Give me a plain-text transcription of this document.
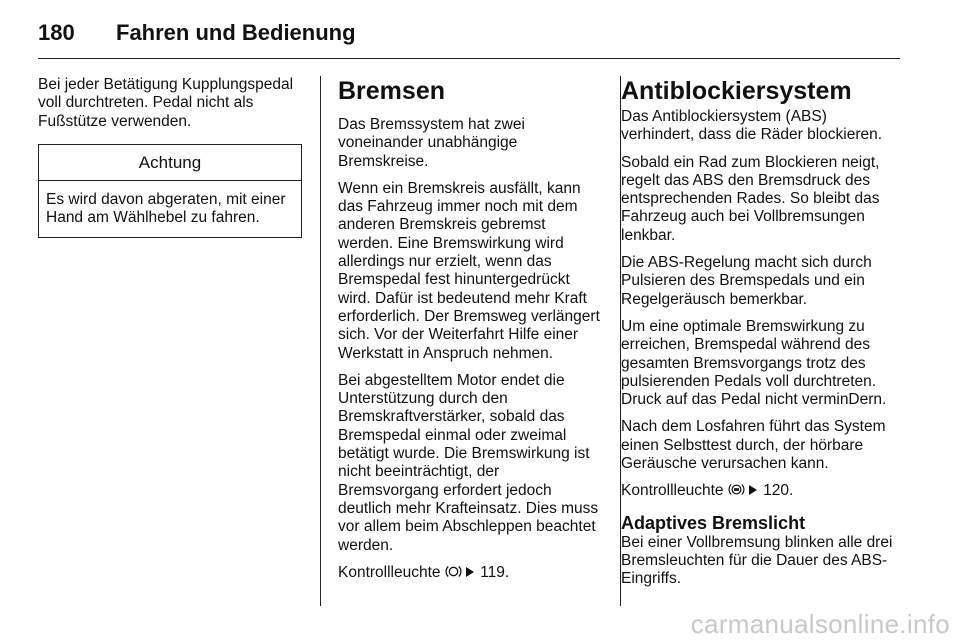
180	Fahren und Bedienung

Bei jeder Betätigung Kupplungspedal voll durchtreten. Pedal nicht als Fußstütze verwenden.

Achtung
Es wird davon abgeraten, mit einer Hand am Wählhebel zu fahren.
Bremsen

Das Bremssystem hat zwei voneinander unabhängige Bremskreise.

Wenn ein Bremskreis ausfällt, kann das Fahrzeug immer noch mit dem anderen Bremskreis gebremst werden. Eine Bremswirkung wird allerdings nur erzielt, wenn das Bremspedal fest hinuntergedrückt wird. Dafür ist bedeutend mehr Kraft erforderlich. Der Bremsweg verlängert sich. Vor der Weiterfahrt Hilfe einer Werkstatt in Anspruch nehmen.

Bei abgestelltem Motor endet die Unterstützung durch den Bremskraftverstärker, sobald das Bremspedal einmal oder zweimal betätigt wurde. Die Bremswirkung ist nicht beeinträchtigt, der Bremsvorgang erfordert jedoch deutlich mehr Krafteinsatz. Dies muss vor allem beim Abschleppen beachtet werden.

Kontrollleuchte	119.

Antiblockiersystem

Das Antiblockiersystem (ABS) verhindert, dass die Räder blockieren.

Sobald ein Rad zum Blockieren neigt, regelt das ABS den Bremsdruck des entsprechenden Rades. So bleibt das Fahrzeug auch bei Vollbremsungen lenkbar.

Die ABS-Regelung macht sich durch Pulsieren des Bremspedals und ein Regelgeräusch bemerkbar.

Um eine optimale Bremswirkung zu erreichen, Bremspedal während des gesamten Bremsvorgangs trotz des pulsierenden Pedals voll durchtreten. Druck auf das Pedal nicht verminDern.

Nach dem Losfahren führt das System einen Selbsttest durch, der hörbare Geräusche verursachen kann.

Kontrollleuchte	120.

Adaptives Bremslicht

Bei einer Vollbremsung blinken alle drei Bremsleuchten für die Dauer des ABS-Eingriffs.

carmanualsonline.info
